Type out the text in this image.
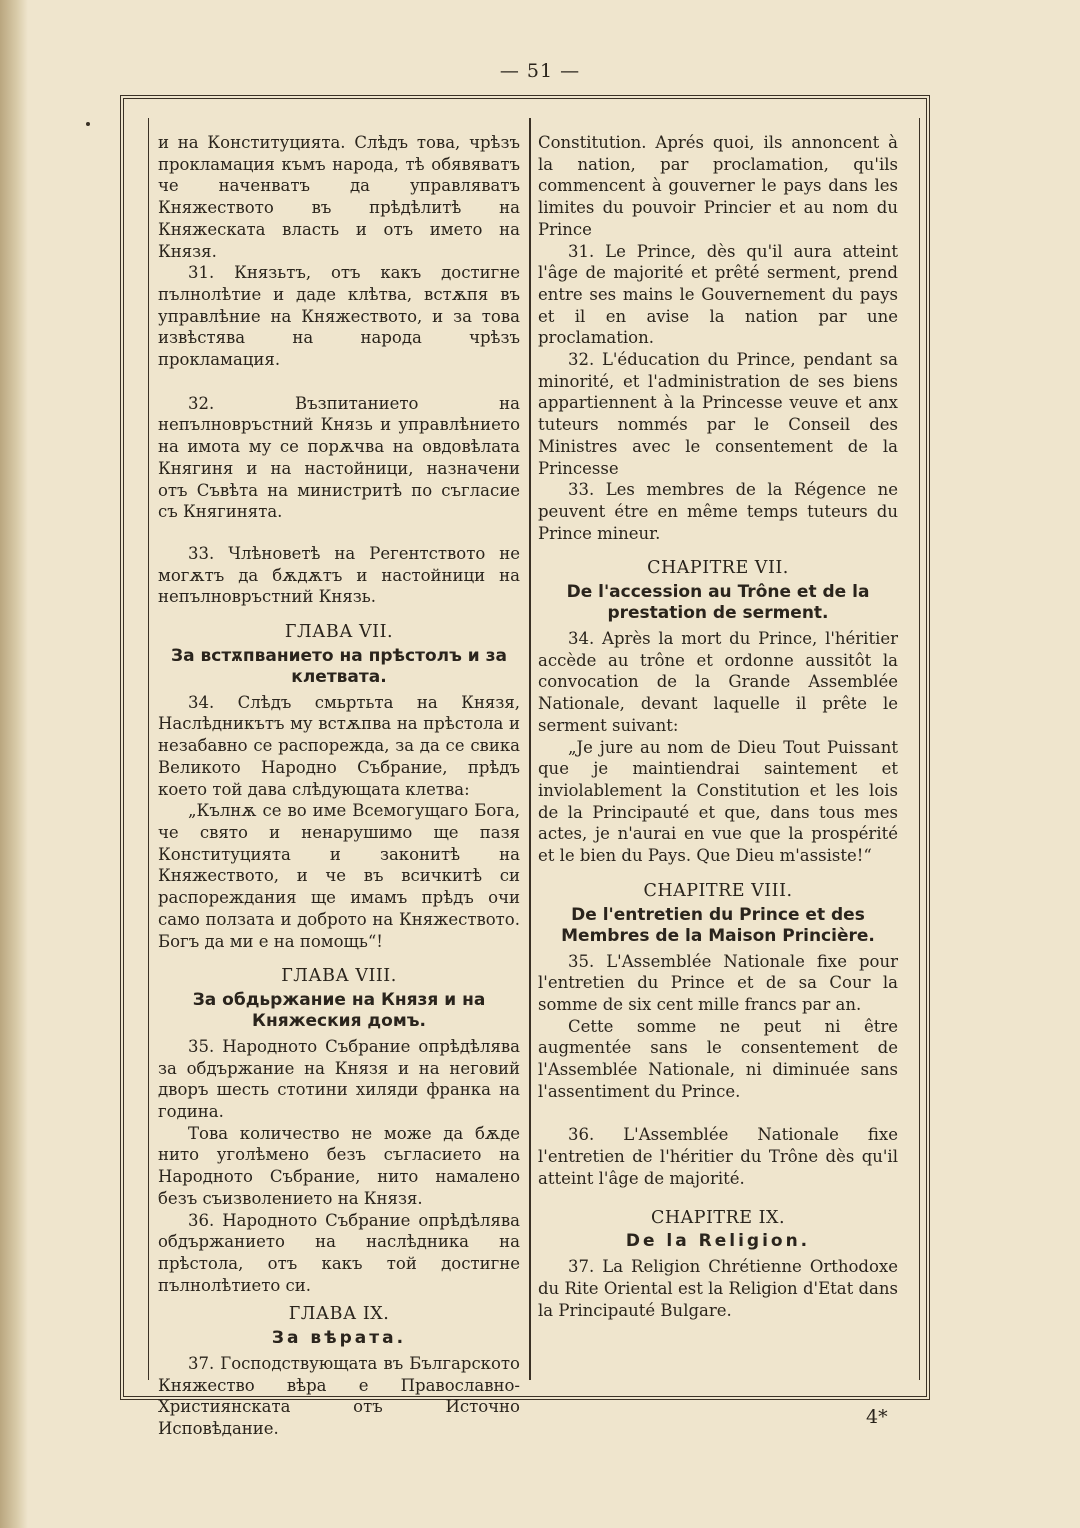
— 51 —

и на Конституцията. Слѣдъ това, чрѣзъ прокламация къмъ народа, тѣ обявяватъ че наченватъ да управляватъ Княжеството въ прѣдѣлитѣ на Княжеската власть и отъ името на Князя.

31. Князьтъ, отъ какъ достигне пълнолѣтие и даде клѣтва, встѫпя въ управлѣние на Княжеството, и за това извѣстява на народа чрѣзъ прокламация.

32. Възпитанието на непълновръстний Князь и управлѣнието на имота му се порѫчва на овдовѣлата Княгиня и на настойници, назначени отъ Съвѣта на министритѣ по съгласие съ Княгинята.

33. Члѣноветѣ на Регентството не могѫтъ да бѫдѫтъ и настойници на непълновръстний Князь.

ГЛАВА VII.
За встѫпванието на прѣстолъ и за клетвата.

34. Слѣдъ смьртьта на Князя, Наслѣдникътъ му встѫпва на прѣстола и незабавно се распорежда, за да се свика Великото Народно Събрание, прѣдъ което той дава слѣдующата клетва:

„Кълнѫ се во име Всемогущаго Бога, че свято и ненарушимо ще пазя Конституцията и законитѣ на Княжеството, и че въ всичкитѣ си распореждания ще имамъ прѣдъ очи само ползата и доброто на Княжеството. Богъ да ми е на помощь“!

ГЛАВА VIII.
За обдьржание на Князя и на Княжеския домъ.

35. Народното Събрание опрѣдѣлява за обдържание на Князя и на неговий дворъ шесть стотини хиляди франка на година.

Това количество не може да бѫде нито уголѣмено безъ съгласието на Народното Събрание, нито намалено безъ съизволението на Князя.

36. Народното Събрание опрѣдѣлява обдържанието на наслѣдника на прѣстола, отъ какъ той достигне пълнолѣтието си.

ГЛАВА IX.
За вѣрата.

37. Господствующата въ Българското Княжество вѣра е Православно-Християнската отъ Источно Исповѣдание.

Constitution. Aprés quoi, ils annoncent à la nation, par proclamation, qu'ils commencent à gouverner le pays dans les limites du pouvoir Princier et au nom du Prince

31. Le Prince, dès qu'il aura atteint l'âge de majorité et prêté serment, prend entre ses mains le Gouvernement du pays et il en avise la nation par une proclamation.

32. L'éducation du Prince, pendant sa minorité, et l'administration de ses biens appartiennent à la Princesse veuve et anx tuteurs nommés par le Conseil des Ministres avec le consentement de la Princesse

33. Les membres de la Régence ne peuvent étre en même temps tuteurs du Prince mineur.

CHAPITRE VII.
De l'accession au Trône et de la prestation de serment.

34. Après la mort du Prince, l'héritier accède au trône et ordonne aussitôt la convocation de la Grande Assemblée Nationale, devant laquelle il prête le serment suivant:

„Je jure au nom de Dieu Tout Puissant que je maintiendrai saintement et inviolablement la Constitution et les lois de la Principauté et que, dans tous mes actes, je n'aurai en vue que la prospérité et le bien du Pays. Que Dieu m'assiste!“

CHAPITRE VIII.
De l'entretien du Prince et des Membres de la Maison Princière.

35. L'Assemblée Nationale fixe pour l'entretien du Prince et de sa Cour la somme de six cent mille francs par an.

Cette somme ne peut ni être augmentée sans le consentement de l'Assemblée Nationale, ni diminuée sans l'assentiment du Prince.

36. L'Assemblée Nationale fixe l'entretien de l'héritier du Trône dès qu'il atteint l'âge de majorité.

CHAPITRE IX.
De la Religion.

37. La Religion Chrétienne Orthodoxe du Rite Oriental est la Religion d'Etat dans la Principauté Bulgare.

4*
